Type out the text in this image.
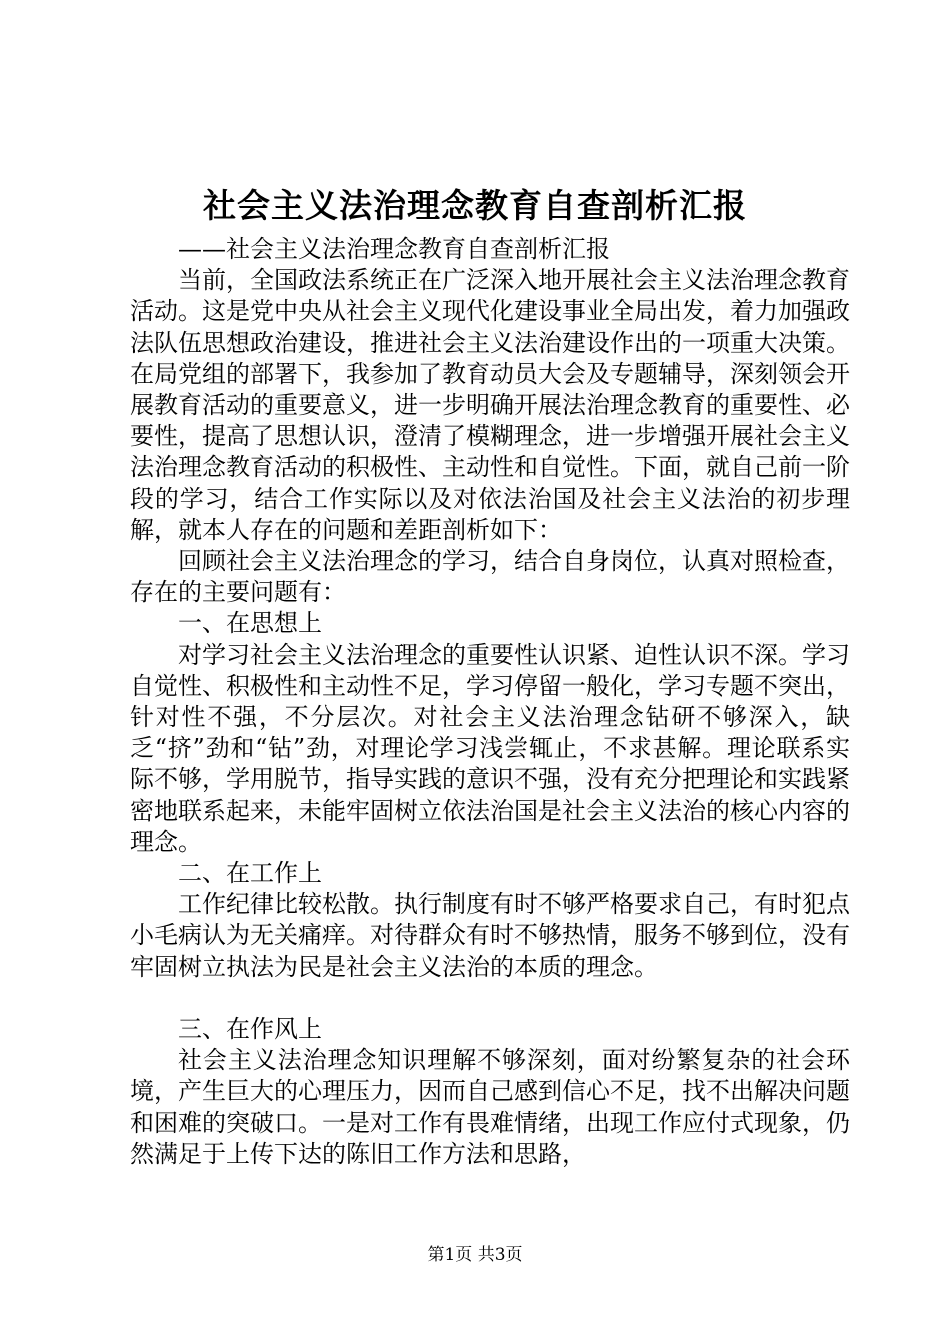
社会主义法治理念教育自查剖析汇报

——社会主义法治理念教育自查剖析汇报

当前，全国政法系统正在广泛深入地开展社会主义法治理念教育活动。这是党中央从社会主义现代化建设事业全局出发，着力加强政法队伍思想政治建设，推进社会主义法治建设作出的一项重大决策。在局党组的部署下，我参加了教育动员大会及专题辅导，深刻领会开展教育活动的重要意义，进一步明确开展法治理念教育的重要性、必要性，提高了思想认识，澄清了模糊理念，进一步增强开展社会主义法治理念教育活动的积极性、主动性和自觉性。下面，就自己前一阶段的学习，结合工作实际以及对依法治国及社会主义法治的初步理解，就本人存在的问题和差距剖析如下：

回顾社会主义法治理念的学习，结合自身岗位，认真对照检查，存在的主要问题有：

一、在思想上

对学习社会主义法治理念的重要性认识紧、迫性认识不深。学习自觉性、积极性和主动性不足，学习停留一般化，学习专题不突出，针对性不强，不分层次。对社会主义法治理念钻研不够深入，缺乏“挤”劲和“钻”劲，对理论学习浅尝辄止，不求甚解。理论联系实际不够，学用脱节，指导实践的意识不强，没有充分把理论和实践紧密地联系起来，未能牢固树立依法治国是社会主义法治的核心内容的理念。

二、在工作上

工作纪律比较松散。执行制度有时不够严格要求自己，有时犯点小毛病认为无关痛痒。对待群众有时不够热情，服务不够到位，没有牢固树立执法为民是社会主义法治的本质的理念。

三、在作风上

社会主义法治理念知识理解不够深刻，面对纷繁复杂的社会环境，产生巨大的心理压力，因而自己感到信心不足，找不出解决问题和困难的突破口。一是对工作有畏难情绪，出现工作应付式现象，仍然满足于上传下达的陈旧工作方法和思路，

第1页 共3页
